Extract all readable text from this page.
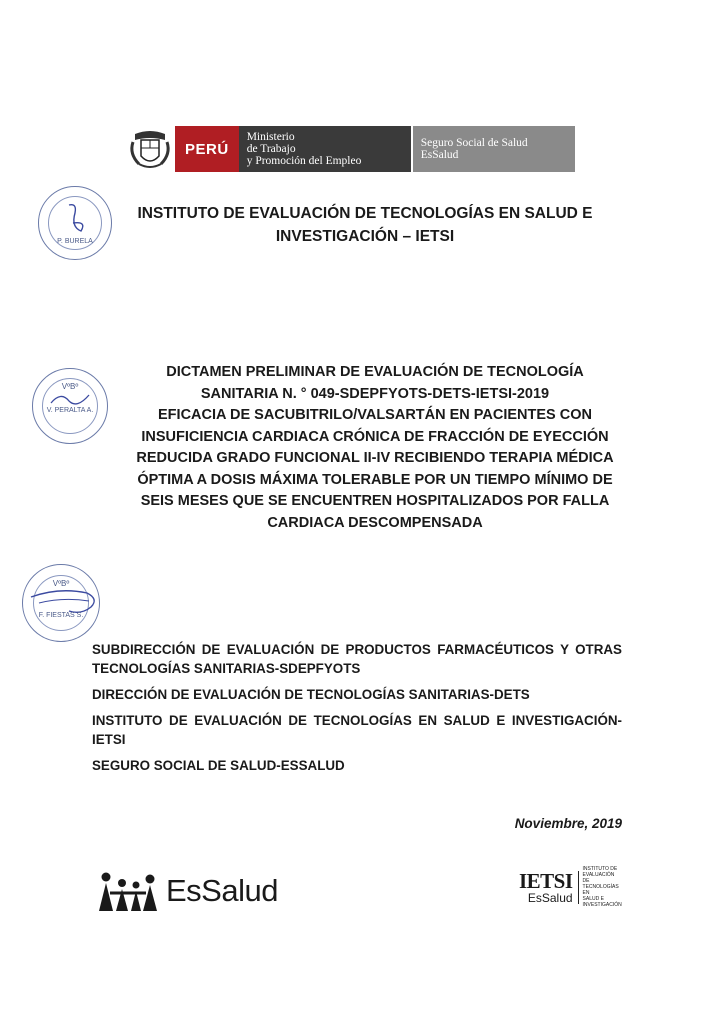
PERÚ
Ministerio
de Trabajo
y Promoción del Empleo
Seguro Social de Salud
EsSalud
P. BURELA
VºBº
V. PERALTA A.
VºBº
F. FIESTAS S.
INSTITUTO DE EVALUACIÓN DE TECNOLOGÍAS EN SALUD E
INVESTIGACIÓN – IETSI
DICTAMEN PRELIMINAR DE EVALUACIÓN DE TECNOLOGÍA
SANITARIA N. ° 049-SDEPFYOTS-DETS-IETSI-2019
EFICACIA DE SACUBITRILO/VALSARTÁN EN PACIENTES CON
INSUFICIENCIA CARDIACA CRÓNICA DE FRACCIÓN DE EYECCIÓN
REDUCIDA GRADO FUNCIONAL II-IV RECIBIENDO TERAPIA MÉDICA
ÓPTIMA A DOSIS MÁXIMA TOLERABLE POR UN TIEMPO MÍNIMO DE
SEIS MESES QUE SE ENCUENTREN HOSPITALIZADOS POR FALLA
CARDIACA DESCOMPENSADA

SUBDIRECCIÓN DE EVALUACIÓN DE PRODUCTOS FARMACÉUTICOS Y OTRAS TECNOLOGÍAS SANITARIAS-SDEPFYOTS

DIRECCIÓN DE EVALUACIÓN DE TECNOLOGÍAS SANITARIAS-DETS

INSTITUTO DE EVALUACIÓN DE TECNOLOGÍAS EN SALUD E INVESTIGACIÓN-IETSI

SEGURO SOCIAL DE SALUD-ESSALUD

Noviembre, 2019
EsSalud	IETSI
EsSalud
INSTITUTO DE
EVALUACIÓN DE
TECNOLOGÍAS EN
SALUD E
INVESTIGACIÓN
